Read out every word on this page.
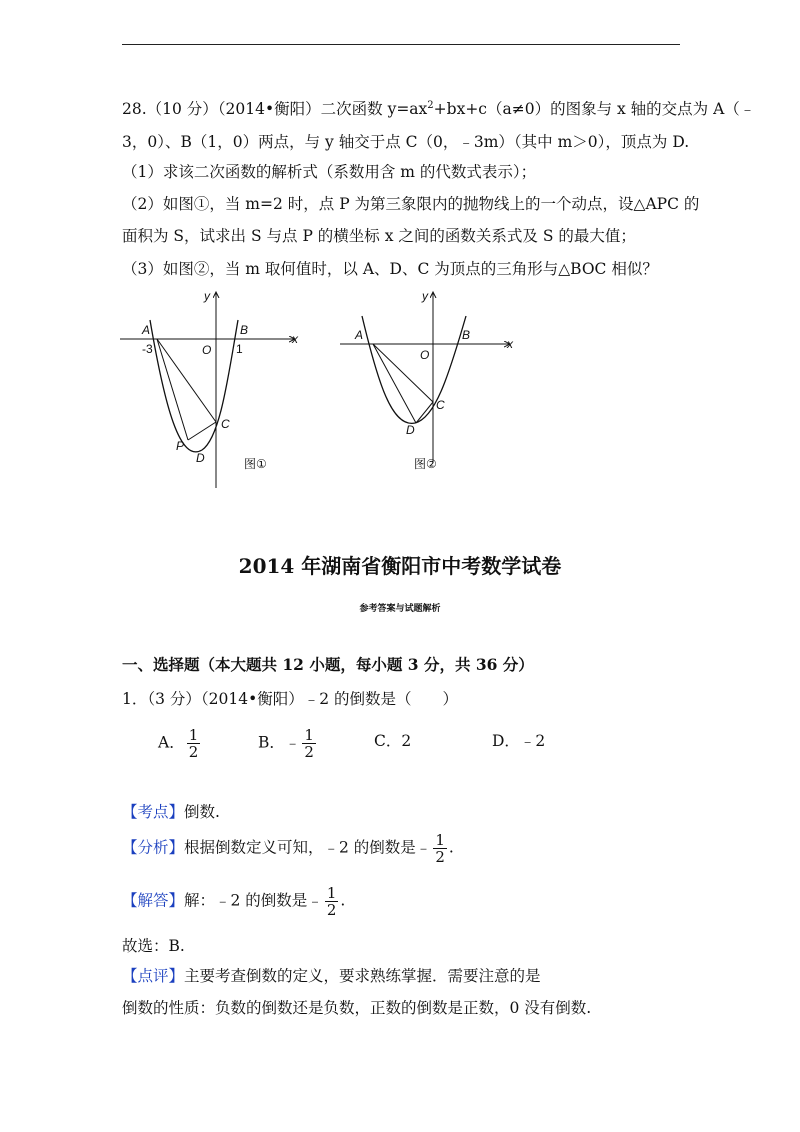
28.（10 分）（2014•衡阳）二次函数 $y=ax^2+bx+c(a\ne 0)$的图象与 x 轴的交点为 A（﹣
3，0）、B（1，0）两点，与 y 轴交于点 C（0，﹣3m）（其中 m＞0），顶点为 D.
（1）求该二次函数的解析式（系数用含 m 的代数式表示）；
（2）如图①，当 m=2 时，点 P 为第三象限内的抛物线上的一个动点，设△APC 的
面积为 S，试求出 S 与点 P 的横坐标 x 之间的函数关系式及 S 的最大值；
（3）如图②，当 m 取何值时，以 A、D、C 为顶点的三角形与△BOC 相似？
y
x
A	B
O
C
P
D
-3	1
图①
y
x
A	B
O
C
D
图②
2014 年湖南省衡阳市中考数学试卷
参考答案与试题解析
一、选择题（本大题共 12 小题，每小题 3 分，共 36 分）
1．（3 分）（2014•衡阳）﹣2 的倒数是（　　）
A． $\frac{1}{2}$	B．﹣ $\frac{1}{2}$	C．2	D．﹣2
【考点】倒数.
【分析】根据倒数定义可知，﹣2 的倒数是﹣ $\frac{1}{2}$ .
【解答】解：﹣2 的倒数是﹣ $\frac{1}{2}$ .
故选：B.
【点评】主要考查倒数的定义，要求熟练掌握．需要注意的是
倒数的性质：负数的倒数还是负数，正数的倒数是正数，0 没有倒数.
